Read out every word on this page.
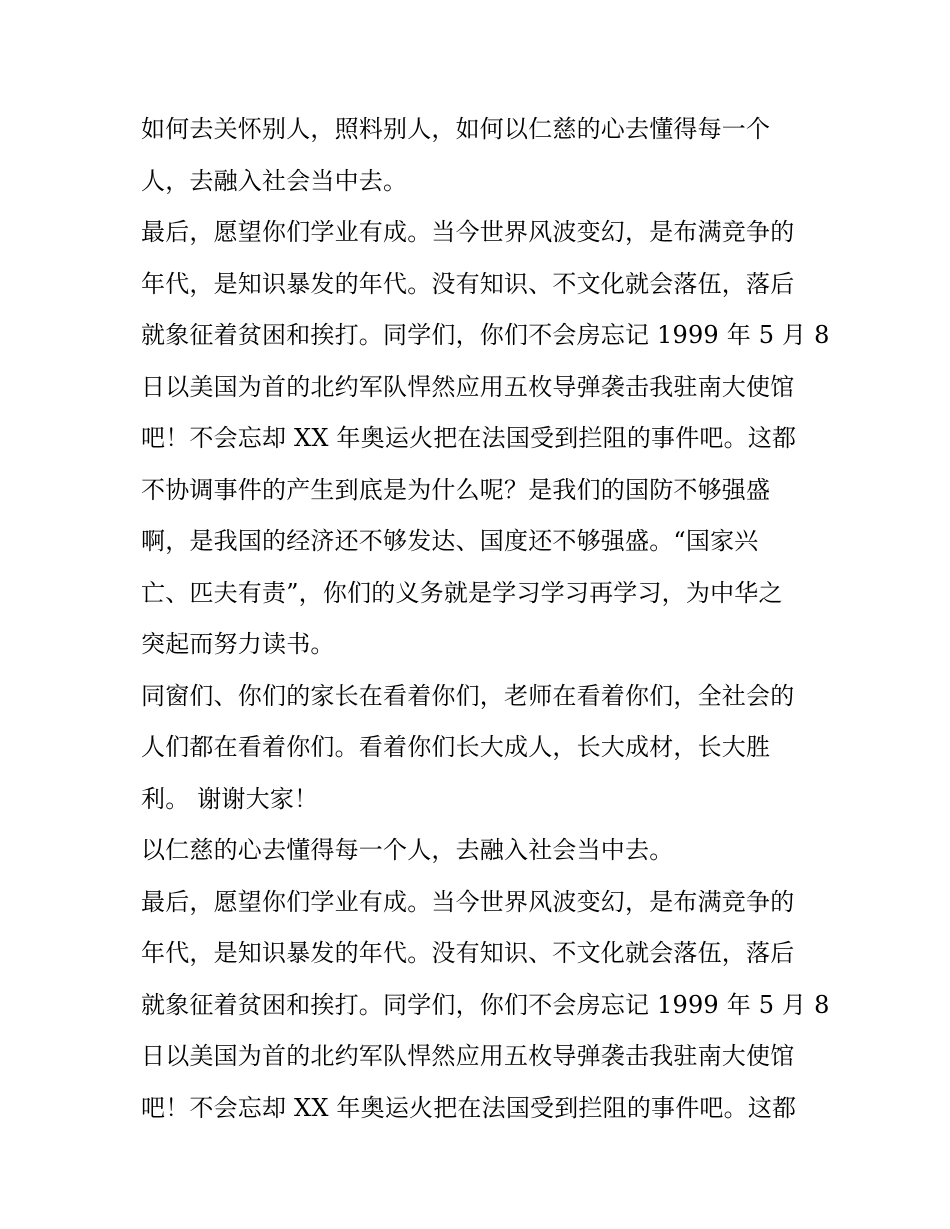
如何去关怀别人，照料别人，如何以仁慈的心去懂得每一个
人，去融入社会当中去。
最后，愿望你们学业有成。当今世界风波变幻，是布满竞争的
年代，是知识暴发的年代。没有知识、不文化就会落伍，落后
就象征着贫困和挨打。同学们，你们不会房忘记 1999 年 5 月 8
日以美国为首的北约军队悍然应用五枚导弹袭击我驻南大使馆
吧！不会忘却 XX 年奥运火把在法国受到拦阻的事件吧。这都
不协调事件的产生到底是为什么呢？是我们的国防不够强盛
啊，是我国的经济还不够发达、国度还不够强盛。“国家兴
亡、匹夫有责”，你们的义务就是学习学习再学习，为中华之
突起而努力读书。
同窗们、你们的家长在看着你们，老师在看着你们，全社会的
人们都在看着你们。看着你们长大成人，长大成材，长大胜
利。 谢谢大家！
以仁慈的心去懂得每一个人，去融入社会当中去。
最后，愿望你们学业有成。当今世界风波变幻，是布满竞争的
年代，是知识暴发的年代。没有知识、不文化就会落伍，落后
就象征着贫困和挨打。同学们，你们不会房忘记 1999 年 5 月 8
日以美国为首的北约军队悍然应用五枚导弹袭击我驻南大使馆
吧！不会忘却 XX 年奥运火把在法国受到拦阻的事件吧。这都
